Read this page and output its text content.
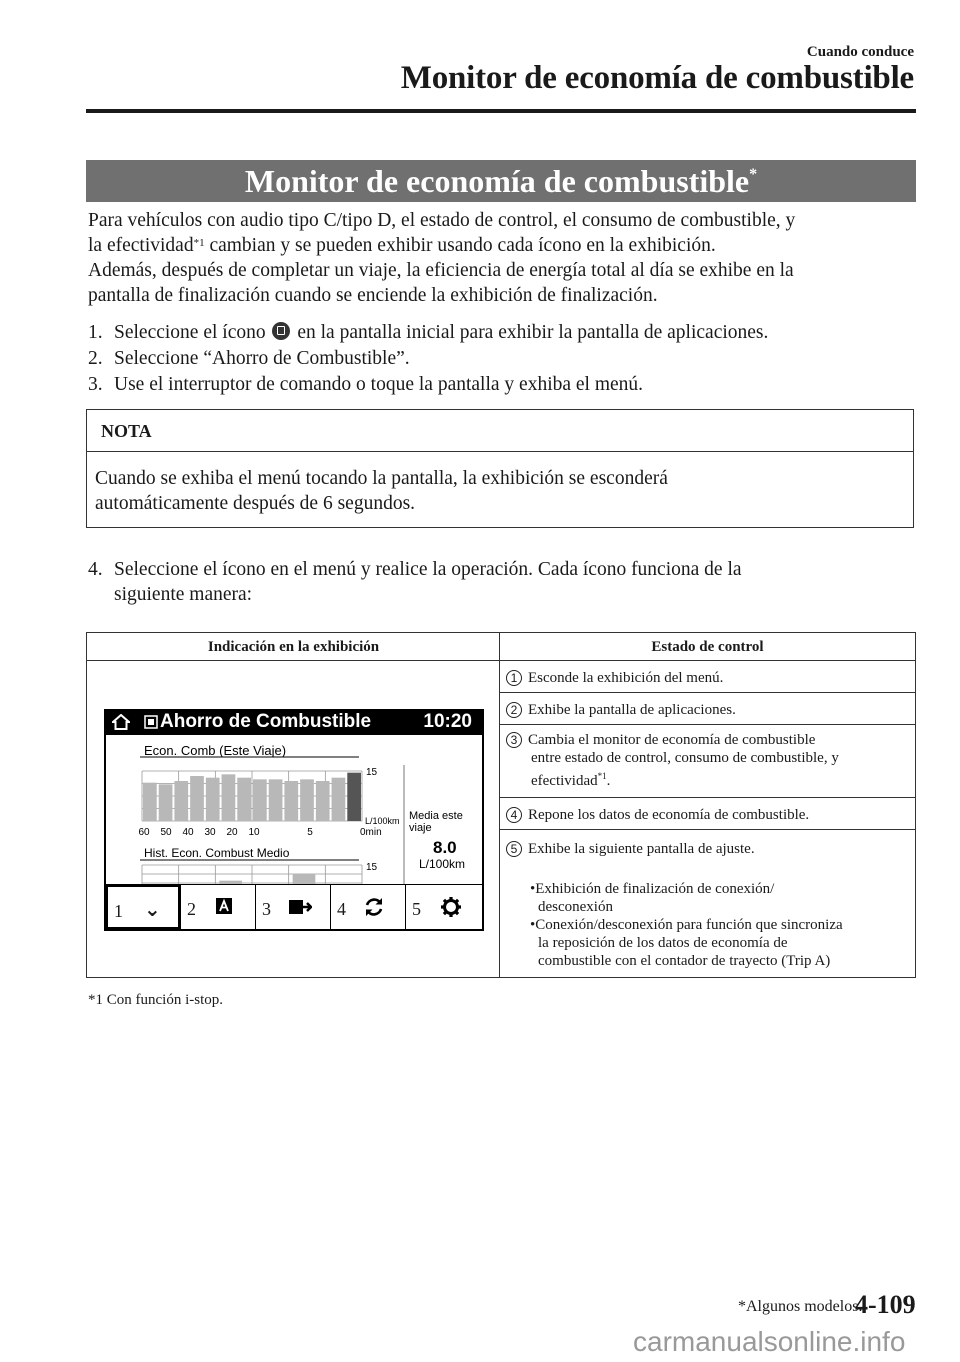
Cuando conduce
Monitor de economía de combustible
Monitor de economía de combustible*
Para vehículos con audio tipo C/tipo D, el estado de control, el consumo de combustible, y
la efectividad$^{*1}$ cambian y se pueden exhibir usando cada ícono en la exhibición.
Además, después de completar un viaje, la eficiencia de energía total al día se exhibe en la
pantalla de finalización cuando se enciende la exhibición de finalización.
1. Seleccione el ícono en la pantalla inicial para exhibir la pantalla de aplicaciones.
2. Seleccione “Ahorro de Combustible”.
3. Use el interruptor de comando o toque la pantalla y exhiba el menú.
NOTA
Cuando se exhiba el menú tocando la pantalla, la exhibición se esconderá
automáticamente después de 6 segundos.
4. Seleccione el ícono en el menú y realice la operación. Cada ícono funciona de la
siguiente manera:
Indicación en la exhibición	Estado de control
Ahorro de Combustible	10:20
Econ. Comb (Este Viaje)
15
L/100km
60 50 40 30 20 10	5	0min
Media este
viaje
8.0
L/100km
Hist. Econ. Combust Medio
15
1 ⌄ 2	3	4	5
1 Esconde la exhibición del menú.
2 Exhibe la pantalla de aplicaciones.
3 Cambia el monitor de economía de combustible
entre estado de control, consumo de combustible, y
efectividad$^{*1}$.
4 Repone los datos de economía de combustible.
5 Exhibe la siguiente pantalla de ajuste.
•Exhibición de finalización de conexión/
desconexión
•Conexión/desconexión para función que sincroniza
la reposición de los datos de economía de
combustible con el contador de trayecto (Trip A)
*1 Con función i-stop.
*Algunos modelos.
4-109
carmanualsonline.info
